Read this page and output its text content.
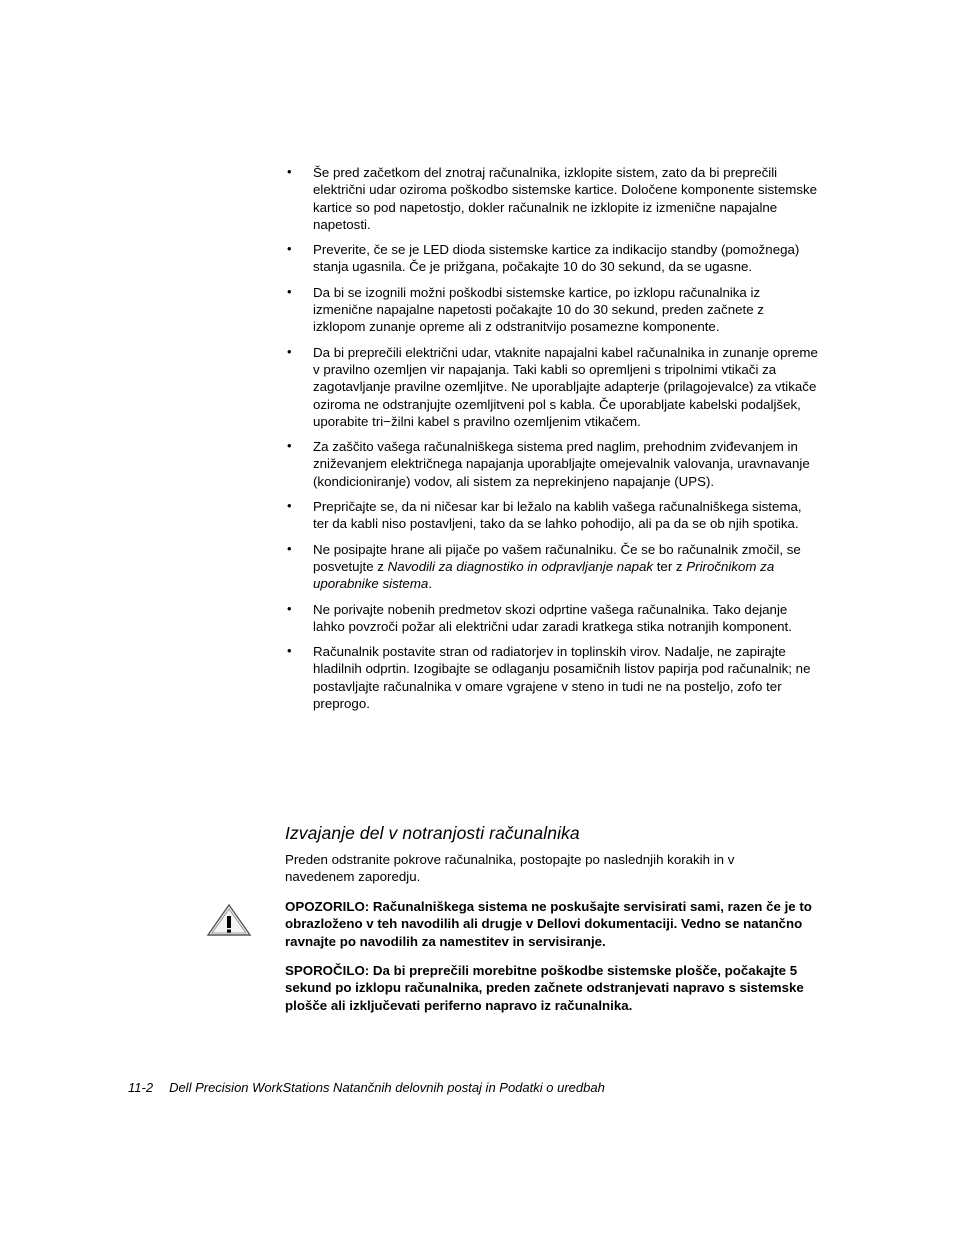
• Še pred začetkom del znotraj računalnika, izklopite sistem, zato da bi preprečili električni udar oziroma poškodbo sistemske kartice. Določene komponente sistemske kartice so pod napetostjo, dokler računalnik ne izklopite iz izmenične napajalne napetosti.
• Preverite, če se je LED dioda sistemske kartice za indikacijo standby (pomožnega) stanja ugasnila. Če je prižgana, počakajte 10 do 30 sekund, da se ugasne.
• Da bi se izognili možni poškodbi sistemske kartice, po izklopu računalnika iz izmenične napajalne napetosti počakajte 10 do 30 sekund, preden začnete z izklopom zunanje opreme ali z odstranitvijo posamezne komponente.
• Da bi preprečili električni udar, vtaknite napajalni kabel računalnika in zunanje opreme v pravilno ozemljen vir napajanja. Taki kabli so opremljeni s tripolnimi vtikači za zagotavljanje pravilne ozemljitve. Ne uporabljajte adapterje (prilagojevalce) za vtikače oziroma ne odstranjujte ozemljitveni pol s kabla. Če uporabljate kabelski podaljšek, uporabite tri−žilni kabel s pravilno ozemljenim vtikačem.
• Za zaščito vašega računalniškega sistema pred naglim, prehodnim zviđevanjem in zniževanjem električnega napajanja uporabljajte omejevalnik valovanja, uravnavanje (kondicioniranje) vodov, ali sistem za neprekinjeno napajanje (UPS).
• Prepričajte se, da ni ničesar kar bi ležalo na kablih vašega računalniškega sistema, ter da kabli niso postavljeni, tako da se lahko pohodijo, ali pa da se ob njih spotika.
• Ne posipajte hrane ali pijače po vašem računalniku. Če se bo računalnik zmočil, se posvetujte z Navodili za diagnostiko in odpravljanje napak ter z Priročnikom za uporabnike sistema.
• Ne porivajte nobenih predmetov skozi odprtine vašega računalnika. Tako dejanje lahko povzroči požar ali električni udar zaradi kratkega stika notranjih komponent.
• Računalnik postavite stran od radiatorjev in toplinskih virov. Nadalje, ne zapirajte hladilnih odprtin. Izogibajte se odlaganju posamičnih listov papirja pod računalnik; ne postavljajte računalnika v omare vgrajene v steno in tudi ne na posteljo, zofo ter preprogo.
Izvajanje del v notranjosti računalnika

Preden odstranite pokrove računalnika, postopajte po naslednjih korakih in v navedenem zaporedju.

OPOZORILO: Računalniškega sistema ne poskušajte servisirati sami, razen če je to obrazloženo v teh navodilih ali drugje v Dellovi dokumentaciji. Vedno se natančno ravnajte po navodilih za namestitev in servisiranje.

SPOROČILO: Da bi preprečili morebitne poškodbe sistemske plošče, počakajte 5 sekund po izklopu računalnika, preden začnete odstranjevati napravo s sistemske plošče ali izključevati periferno napravo iz računalnika.

11-2 Dell Precision WorkStations Natančnih delovnih postaj in Podatki o uredbah
